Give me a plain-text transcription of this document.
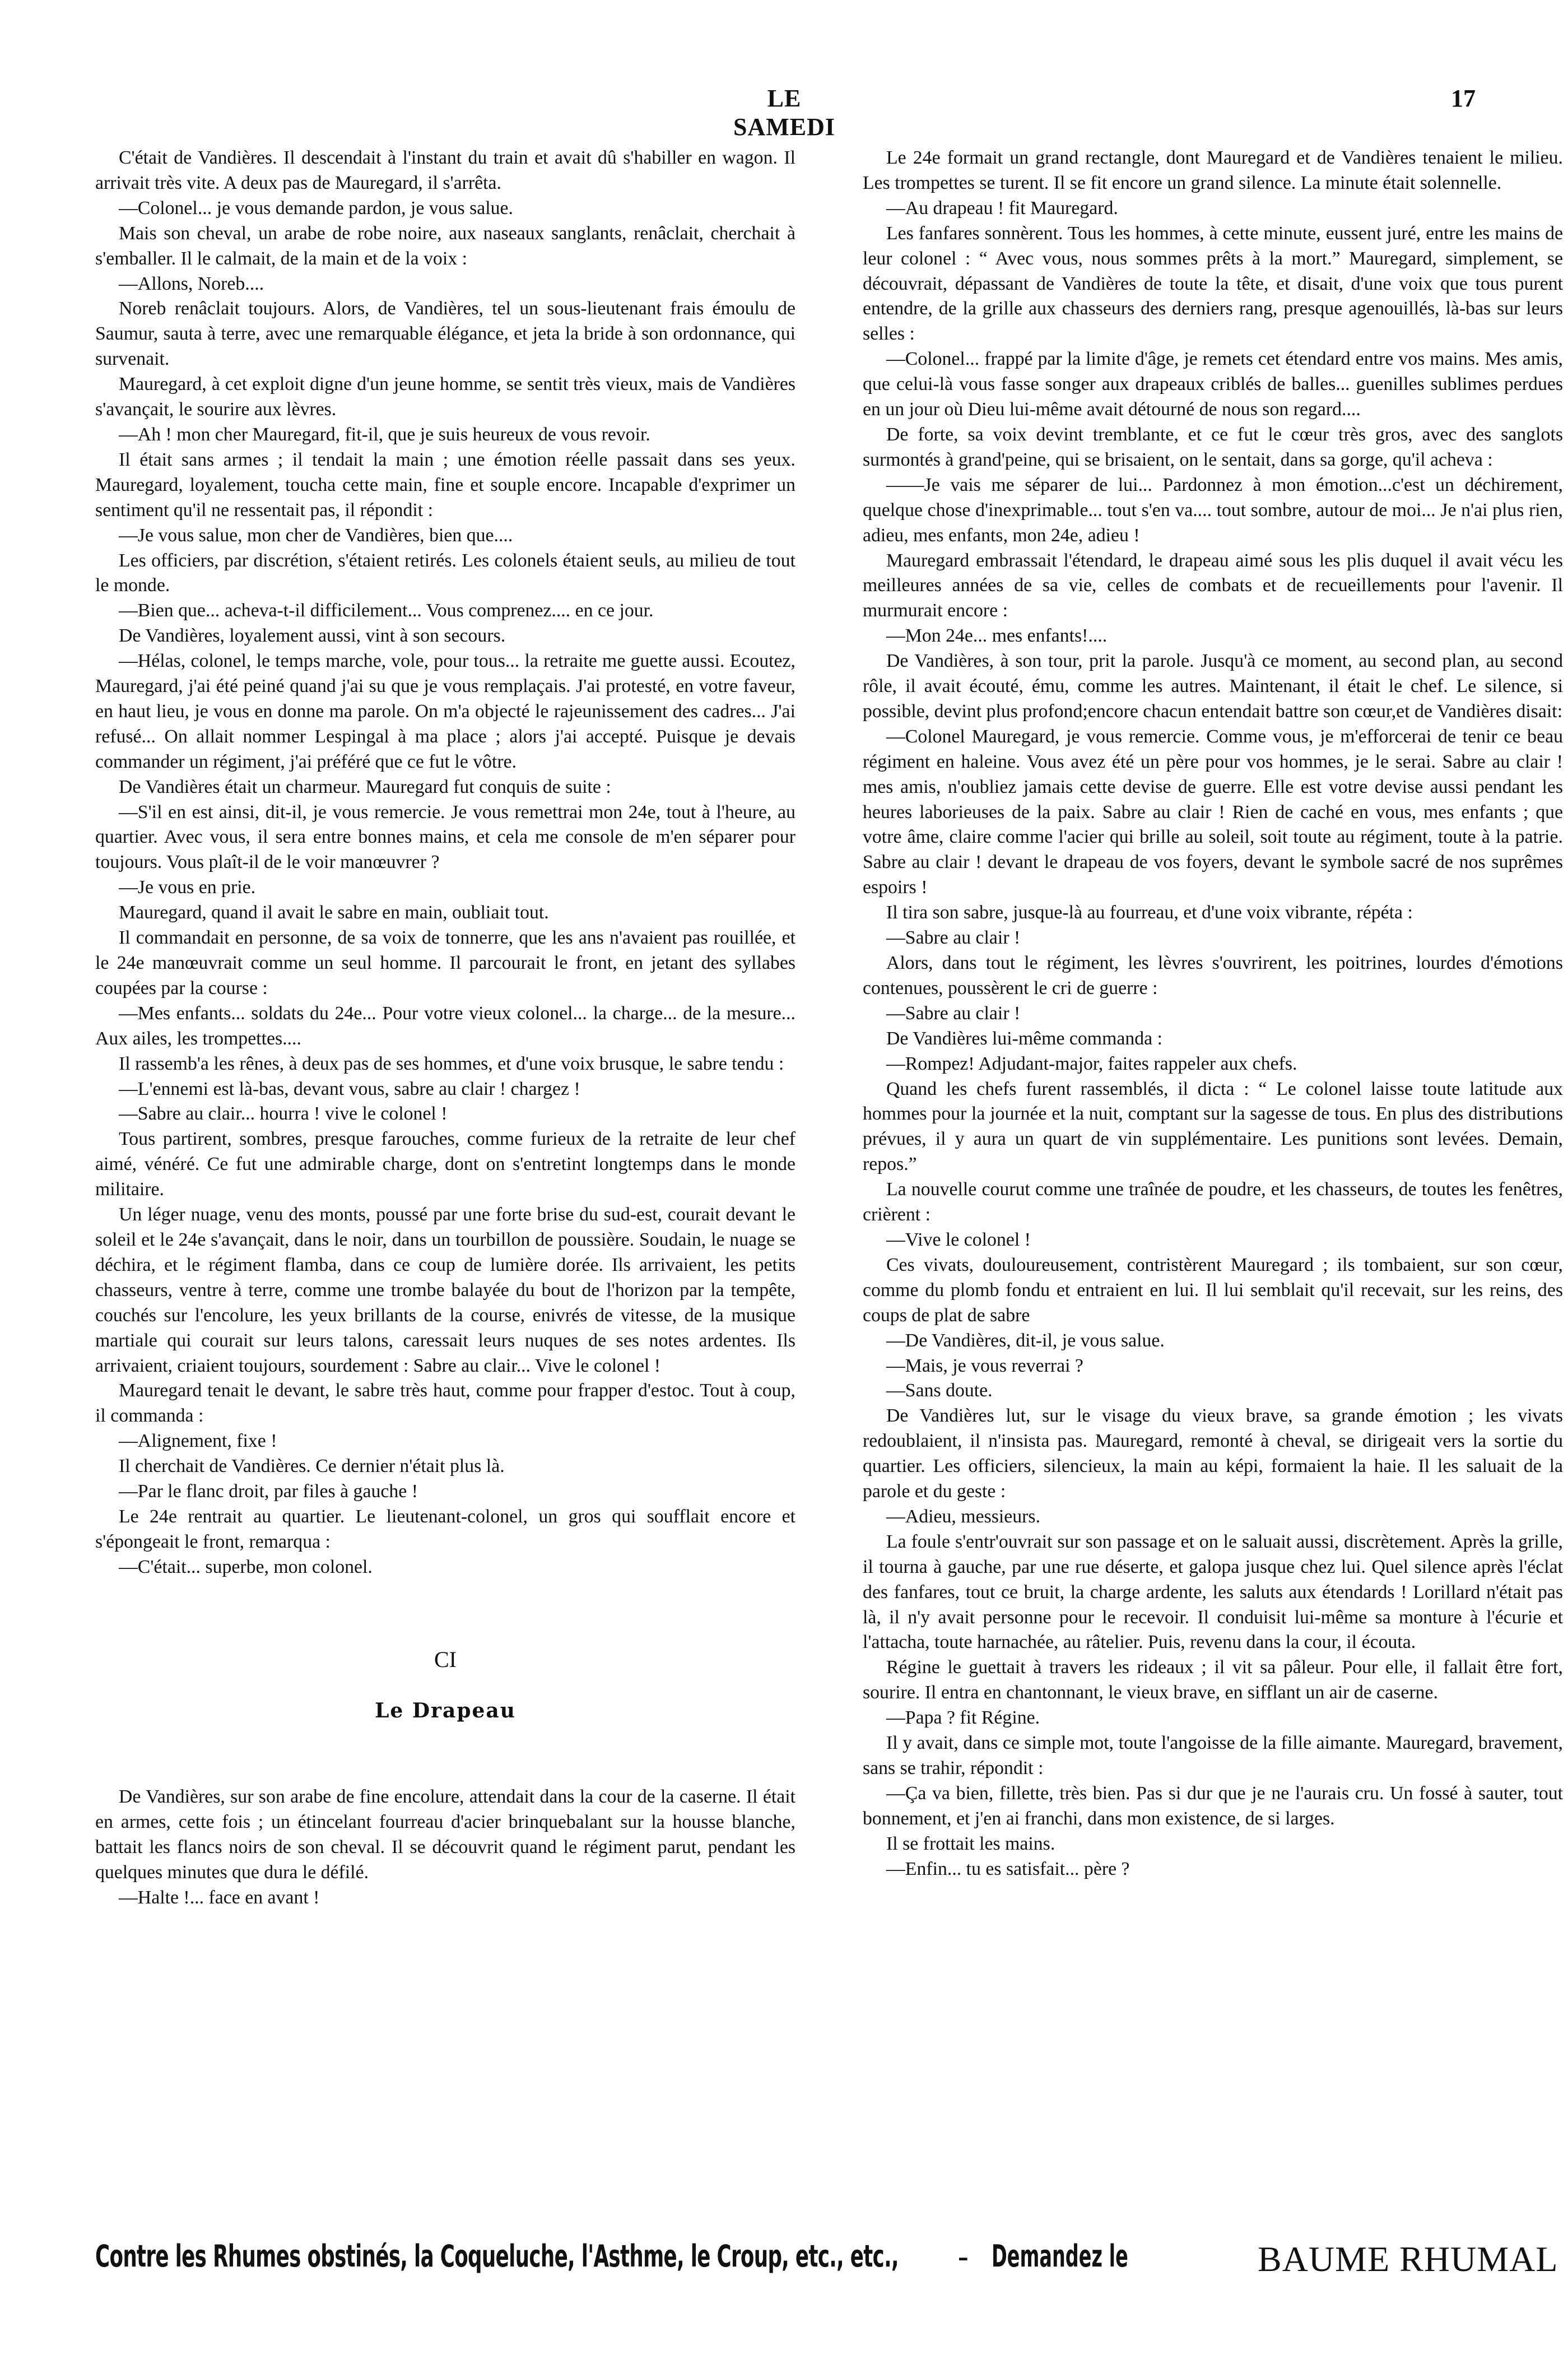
LE SAMEDI
17

C'était de Vandières. Il descendait à l'instant du train et avait dû s'habiller en wagon. Il arrivait très vite. A deux pas de Mauregard, il s'arrêta.

—Colonel... je vous demande pardon, je vous salue.

Mais son cheval, un arabe de robe noire, aux naseaux sanglants, renâclait, cherchait à s'emballer. Il le calmait, de la main et de la voix :

—Allons, Noreb....

Noreb renâclait toujours. Alors, de Vandières, tel un sous-lieutenant frais émoulu de Saumur, sauta à terre, avec une remarquable élégance, et jeta la bride à son ordonnance, qui survenait.

Mauregard, à cet exploit digne d'un jeune homme, se sentit très vieux, mais de Vandières s'avançait, le sourire aux lèvres.

—Ah ! mon cher Mauregard, fit-il, que je suis heureux de vous revoir.

Il était sans armes ; il tendait la main ; une émotion réelle passait dans ses yeux. Mauregard, loyalement, toucha cette main, fine et souple encore. Incapable d'exprimer un sentiment qu'il ne ressentait pas, il répondit :

—Je vous salue, mon cher de Vandières, bien que....

Les officiers, par discrétion, s'étaient retirés. Les colonels étaient seuls, au milieu de tout le monde.

—Bien que... acheva-t-il difficilement... Vous comprenez.... en ce jour.

De Vandières, loyalement aussi, vint à son secours.

—Hélas, colonel, le temps marche, vole, pour tous... la retraite me guette aussi. Ecoutez, Mauregard, j'ai été peiné quand j'ai su que je vous remplaçais. J'ai protesté, en votre faveur, en haut lieu, je vous en donne ma parole. On m'a objecté le rajeunissement des cadres... J'ai refusé... On allait nommer Lespingal à ma place ; alors j'ai accepté. Puisque je devais commander un régiment, j'ai préféré que ce fut le vôtre.

De Vandières était un charmeur. Mauregard fut conquis de suite :

—S'il en est ainsi, dit-il, je vous remercie. Je vous remettrai mon 24e, tout à l'heure, au quartier. Avec vous, il sera entre bonnes mains, et cela me console de m'en séparer pour toujours. Vous plaît-il de le voir manœuvrer ?

—Je vous en prie.

Mauregard, quand il avait le sabre en main, oubliait tout.

Il commandait en personne, de sa voix de tonnerre, que les ans n'avaient pas rouillée, et le 24e manœuvrait comme un seul homme. Il parcourait le front, en jetant des syllabes coupées par la course :

—Mes enfants... soldats du 24e... Pour votre vieux colonel... la charge... de la mesure... Aux ailes, les trompettes....

Il rassemb'a les rênes, à deux pas de ses hommes, et d'une voix brusque, le sabre tendu :

—L'ennemi est là-bas, devant vous, sabre au clair ! chargez !

—Sabre au clair... hourra ! vive le colonel !

Tous partirent, sombres, presque farouches, comme furieux de la retraite de leur chef aimé, vénéré. Ce fut une admirable charge, dont on s'entretint longtemps dans le monde militaire.

Un léger nuage, venu des monts, poussé par une forte brise du sud-est, courait devant le soleil et le 24e s'avançait, dans le noir, dans un tourbillon de poussière. Soudain, le nuage se déchira, et le régiment flamba, dans ce coup de lumière dorée. Ils arrivaient, les petits chasseurs, ventre à terre, comme une trombe balayée du bout de l'horizon par la tempête, couchés sur l'encolure, les yeux brillants de la course, enivrés de vitesse, de la musique martiale qui courait sur leurs talons, caressait leurs nuques de ses notes ardentes. Ils arrivaient, criaient toujours, sourdement : Sabre au clair... Vive le colonel !

Mauregard tenait le devant, le sabre très haut, comme pour frapper d'estoc. Tout à coup, il commanda :

—Alignement, fixe !

Il cherchait de Vandières. Ce dernier n'était plus là.

—Par le flanc droit, par files à gauche !

Le 24e rentrait au quartier. Le lieutenant-colonel, un gros qui soufflait encore et s'épongeait le front, remarqua :

—C'était... superbe, mon colonel.

CI
Le Drapeau

De Vandières, sur son arabe de fine encolure, attendait dans la cour de la caserne. Il était en armes, cette fois ; un étincelant fourreau d'acier brinquebalant sur la housse blanche, battait les flancs noirs de son cheval. Il se découvrit quand le régiment parut, pendant les quelques minutes que dura le défilé.

—Halte !... face en avant !

Le 24e formait un grand rectangle, dont Mauregard et de Vandières tenaient le milieu. Les trompettes se turent. Il se fit encore un grand silence. La minute était solennelle.

—Au drapeau ! fit Mauregard.

Les fanfares sonnèrent. Tous les hommes, à cette minute, eussent juré, entre les mains de leur colonel : “ Avec vous, nous sommes prêts à la mort.” Mauregard, simplement, se découvrait, dépassant de Vandières de toute la tête, et disait, d'une voix que tous purent entendre, de la grille aux chasseurs des derniers rang, presque agenouillés, là-bas sur leurs selles :

—Colonel... frappé par la limite d'âge, je remets cet étendard entre vos mains. Mes amis, que celui-là vous fasse songer aux drapeaux criblés de balles... guenilles sublimes perdues en un jour où Dieu lui-même avait détourné de nous son regard....

De forte, sa voix devint tremblante, et ce fut le cœur très gros, avec des sanglots surmontés à grand'peine, qui se brisaient, on le sentait, dans sa gorge, qu'il acheva :

——Je vais me séparer de lui... Pardonnez à mon émotion...c'est un déchirement, quelque chose d'inexprimable... tout s'en va.... tout sombre, autour de moi... Je n'ai plus rien, adieu, mes enfants, mon 24e, adieu !

Mauregard embrassait l'étendard, le drapeau aimé sous les plis duquel il avait vécu les meilleures années de sa vie, celles de combats et de recueillements pour l'avenir. Il murmurait encore :

—Mon 24e... mes enfants!....

De Vandières, à son tour, prit la parole. Jusqu'à ce moment, au second plan, au second rôle, il avait écouté, ému, comme les autres. Maintenant, il était le chef. Le silence, si possible, devint plus profond;encore chacun entendait battre son cœur,et de Vandières disait:

—Colonel Mauregard, je vous remercie. Comme vous, je m'efforcerai de tenir ce beau régiment en haleine. Vous avez été un père pour vos hommes, je le serai. Sabre au clair ! mes amis, n'oubliez jamais cette devise de guerre. Elle est votre devise aussi pendant les heures laborieuses de la paix. Sabre au clair ! Rien de caché en vous, mes enfants ; que votre âme, claire comme l'acier qui brille au soleil, soit toute au régiment, toute à la patrie. Sabre au clair ! devant le drapeau de vos foyers, devant le symbole sacré de nos suprêmes espoirs !

Il tira son sabre, jusque-là au fourreau, et d'une voix vibrante, répéta :

—Sabre au clair !

Alors, dans tout le régiment, les lèvres s'ouvrirent, les poitrines, lourdes d'émotions contenues, poussèrent le cri de guerre :

—Sabre au clair !

De Vandières lui-même commanda :

—Rompez! Adjudant-major, faites rappeler aux chefs.

Quand les chefs furent rassemblés, il dicta : “ Le colonel laisse toute latitude aux hommes pour la journée et la nuit, comptant sur la sagesse de tous. En plus des distributions prévues, il y aura un quart de vin supplémentaire. Les punitions sont levées. Demain, repos.”

La nouvelle courut comme une traînée de poudre, et les chasseurs, de toutes les fenêtres, crièrent :

—Vive le colonel !

Ces vivats, douloureusement, contristèrent Mauregard ; ils tombaient, sur son cœur, comme du plomb fondu et entraient en lui. Il lui semblait qu'il recevait, sur les reins, des coups de plat de sabre

—De Vandières, dit-il, je vous salue.

—Mais, je vous reverrai ?

—Sans doute.

De Vandières lut, sur le visage du vieux brave, sa grande émotion ; les vivats redoublaient, il n'insista pas. Mauregard, remonté à cheval, se dirigeait vers la sortie du quartier. Les officiers, silencieux, la main au képi, formaient la haie. Il les saluait de la parole et du geste :

—Adieu, messieurs.

La foule s'entr'ouvrait sur son passage et on le saluait aussi, discrètement. Après la grille, il tourna à gauche, par une rue déserte, et galopa jusque chez lui. Quel silence après l'éclat des fanfares, tout ce bruit, la charge ardente, les saluts aux étendards ! Lorillard n'était pas là, il n'y avait personne pour le recevoir. Il conduisit lui-même sa monture à l'écurie et l'attacha, toute harnachée, au râtelier. Puis, revenu dans la cour, il écouta.

Régine le guettait à travers les rideaux ; il vit sa pâleur. Pour elle, il fallait être fort, sourire. Il entra en chantonnant, le vieux brave, en sifflant un air de caserne.

—Papa ? fit Régine.

Il y avait, dans ce simple mot, toute l'angoisse de la fille aimante. Mauregard, bravement, sans se trahir, répondit :

—Ça va bien, fillette, très bien. Pas si dur que je ne l'aurais cru. Un fossé à sauter, tout bonnement, et j'en ai franchi, dans mon existence, de si larges.

Il se frottait les mains.

—Enfin... tu es satisfait... père ?

Contre les Rhumes obstinés, la Coqueluche, l'Asthme, le Croup, etc., etc., - Demandez le	BAUME RHUMAL
